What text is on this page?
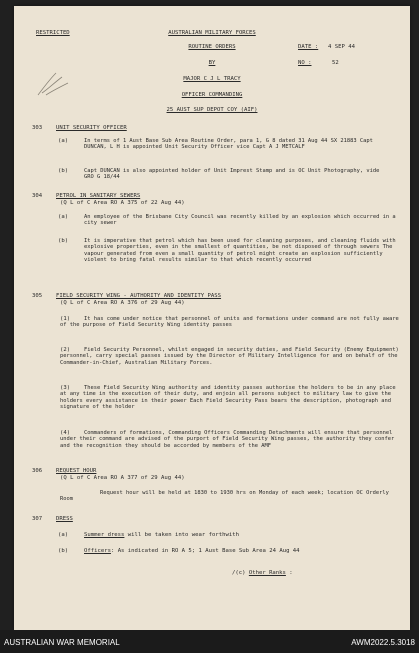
RESTRICTED	AUSTRALIAN MILITARY FORCES
ROUTINE ORDERS
BY
MAJOR C J L TRACY
OFFICER COMMANDING
25 AUST SUP DEPOT COY (AIF)
DATE : 4 SEP 44
NO :	52
303 UNIT SECURITY OFFICER
(a)	In terms of 1 Aust Base Sub Area Routine Order, para 1, G 8 dated 31 Aug 44 SX 21883 Capt DUNCAN, L H is appointed Unit Security Officer vice Capt A J METCALF
(b)	Capt DUNCAN is also appointed holder of Unit Imprest Stamp and is OC Unit Photography, vide GRO G 18/44
304 PETROL IN SANITARY SEWERS
(Q L of C Area RO A 375 of 22 Aug 44)
(a)	An employee of the Brisbane City Council was recently killed by an explosion which occurred in a city sewer
(b)	It is imperative that petrol which has been used for cleaning purposes, and cleaning fluids with explosive properties, even in the smallest of quantities, be not disposed of through sewers The vapour generated from even a small quantity of petrol might create an explosion sufficiently violent to bring fatal results similar to that which recently occurred
305 FIELD SECURITY WING - AUTHORITY AND IDENTITY PASS
(Q L of C Area RO A 376 of 29 Aug 44)
(1)	It has come under notice that personnel of units and formations under command are not fully aware of the purpose of Field Security Wing identity passes
(2)	Field Security Personnel, whilst engaged in security duties, and Field Security (Enemy Equipment) personnel, carry special passes issued by the Director of Military Intelligence for and on behalf of the Commander-in-Chief, Australian Military Forces.
(3)	These Field Security Wing authority and identity passes authorise the holders to be in any place at any time in the execution of their duty, and enjoin all persons subject to military law to give the holders every assistance in their power Each Field Security Pass bears the description, photograph and signature of the holder
(4)	Commanders of formations, Commanding Officers Commanding Detachments will ensure that personnel under their command are advised of the purport of Field Security Wing passes, the authority they confer and the recognition they should be accorded by members of the AMF
306 REQUEST HOUR
(Q L of C Area RO A 377 of 29 Aug 44)
Request hour will be held at 1830 to 1930 hrs on Monday of each week; location OC Orderly Room
307 DRESS
(a)	Summer dress will be taken into wear forthwith
(b)	Officers: As indicated in RO A 5; 1 Aust Base Sub Area 24 Aug 44
/(c) Other Ranks :
AUSTRALIAN WAR MEMORIAL	AWM2022.5.3018
